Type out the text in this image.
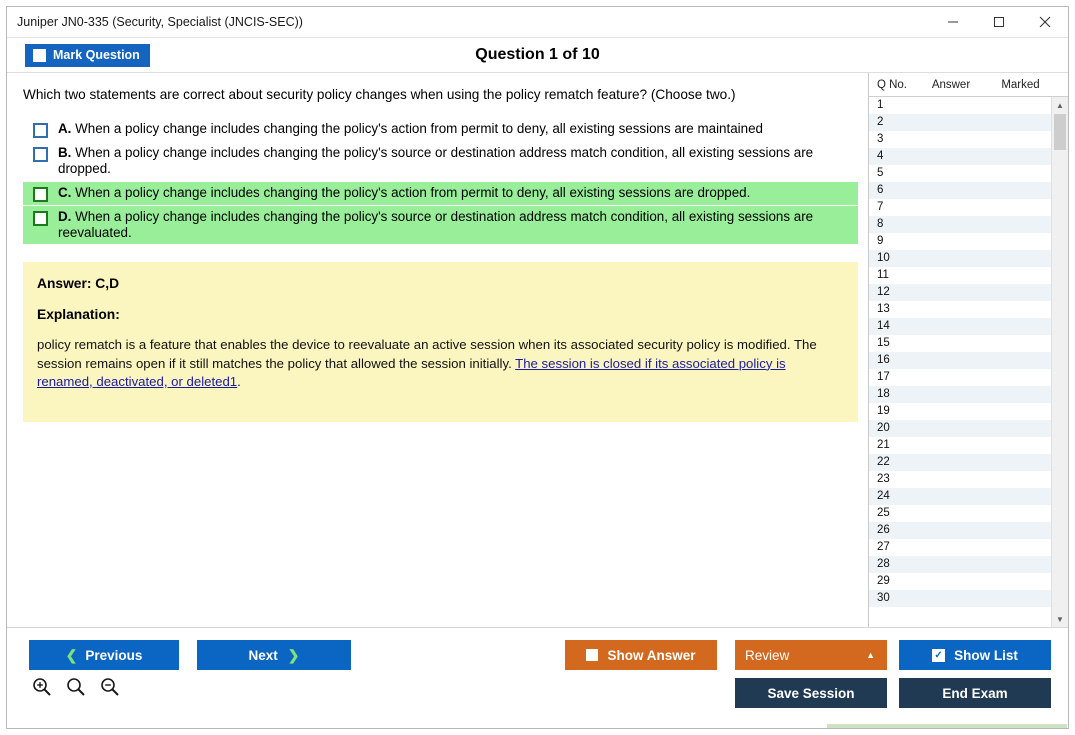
Juniper JN0-335 (Security, Specialist (JNCIS-SEC))
Mark Question	Question 1 of 10
Which two statements are correct about security policy changes when using the policy rematch feature? (Choose two.)
A. When a policy change includes changing the policy's action from permit to deny, all existing sessions are maintained
B. When a policy change includes changing the policy's source or destination address match condition, all existing sessions are dropped.
C. When a policy change includes changing the policy's action from permit to deny, all existing sessions are dropped.
D. When a policy change includes changing the policy's source or destination address match condition, all existing sessions are reevaluated.
Answer: C,D
Explanation:
policy rematch is a feature that enables the device to reevaluate an active session when its associated security policy is modified. The session remains open if it still matches the policy that allowed the session initially. The session is closed if its associated policy is renamed, deactivated, or deleted1.
Q No.	Answer	Marked
1
2
3
4
5
6
7
8
9
10
11
12
13
14
15
16
17
18
19
20
21
22
23
24
25
26
27
28
29
30
▲
▼
❮ Previous	Next ❯	Show Answer	Review	▲	✓ Show List
Save Session	End Exam
